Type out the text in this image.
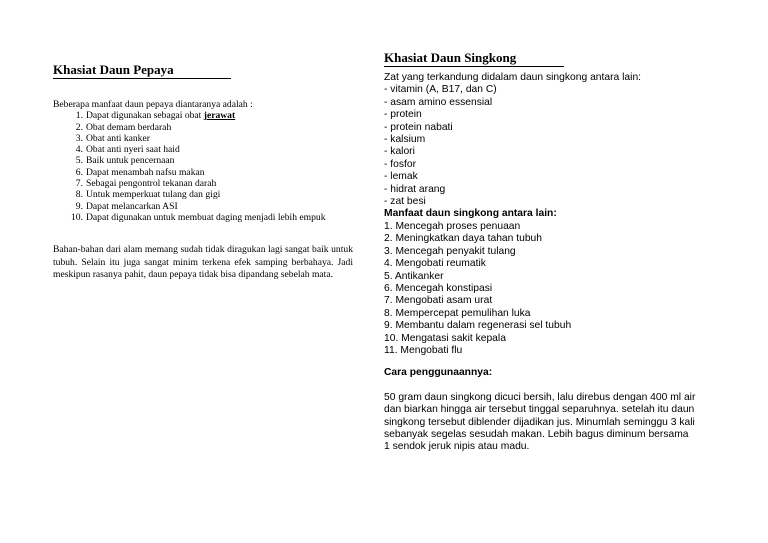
Khasiat Daun Pepaya
Beberapa manfaat daun pepaya diantaranya adalah :
1. Dapat digunakan sebagai obat jerawat
2. Obat demam berdarah
3. Obat anti kanker
4. Obat anti nyeri saat haid
5. Baik untuk pencernaan
6. Dapat menambah nafsu makan
7. Sebagai pengontrol tekanan darah
8. Untuk memperkuat tulang dan gigi
9. Dapat melancarkan ASI
10. Dapat digunakan untuk membuat daging menjadi lebih empuk
Bahan-bahan dari alam memang sudah tidak diragukan lagi sangat baik untuk tubuh. Selain itu juga sangat minim terkena efek samping berbahaya. Jadi meskipun rasanya pahit, daun pepaya tidak bisa dipandang sebelah mata.
Khasiat Daun Singkong
Zat yang terkandung didalam daun singkong antara lain:
- vitamin (A, B17, dan C)
- asam amino essensial
- protein
- protein nabati
- kalsium
- kalori
- fosfor
- lemak
- hidrat arang
- zat besi
Manfaat daun singkong antara lain:
1. Mencegah proses penuaan
2. Meningkatkan daya tahan tubuh
3. Mencegah penyakit tulang
4. Mengobati reumatik
5. Antikanker
6. Mencegah konstipasi
7. Mengobati asam urat
8. Mempercepat pemulihan luka
9. Membantu dalam regenerasi sel tubuh
10. Mengatasi sakit kepala
11. Mengobati flu
Cara penggunaannya:
50 gram daun singkong dicuci bersih, lalu direbus dengan 400 ml air
dan biarkan hingga air tersebut tinggal separuhnya. setelah itu daun
singkong tersebut diblender dijadikan jus. Minumlah seminggu 3 kali
sebanyak segelas sesudah makan. Lebih bagus diminum bersama
1 sendok jeruk nipis atau madu.
